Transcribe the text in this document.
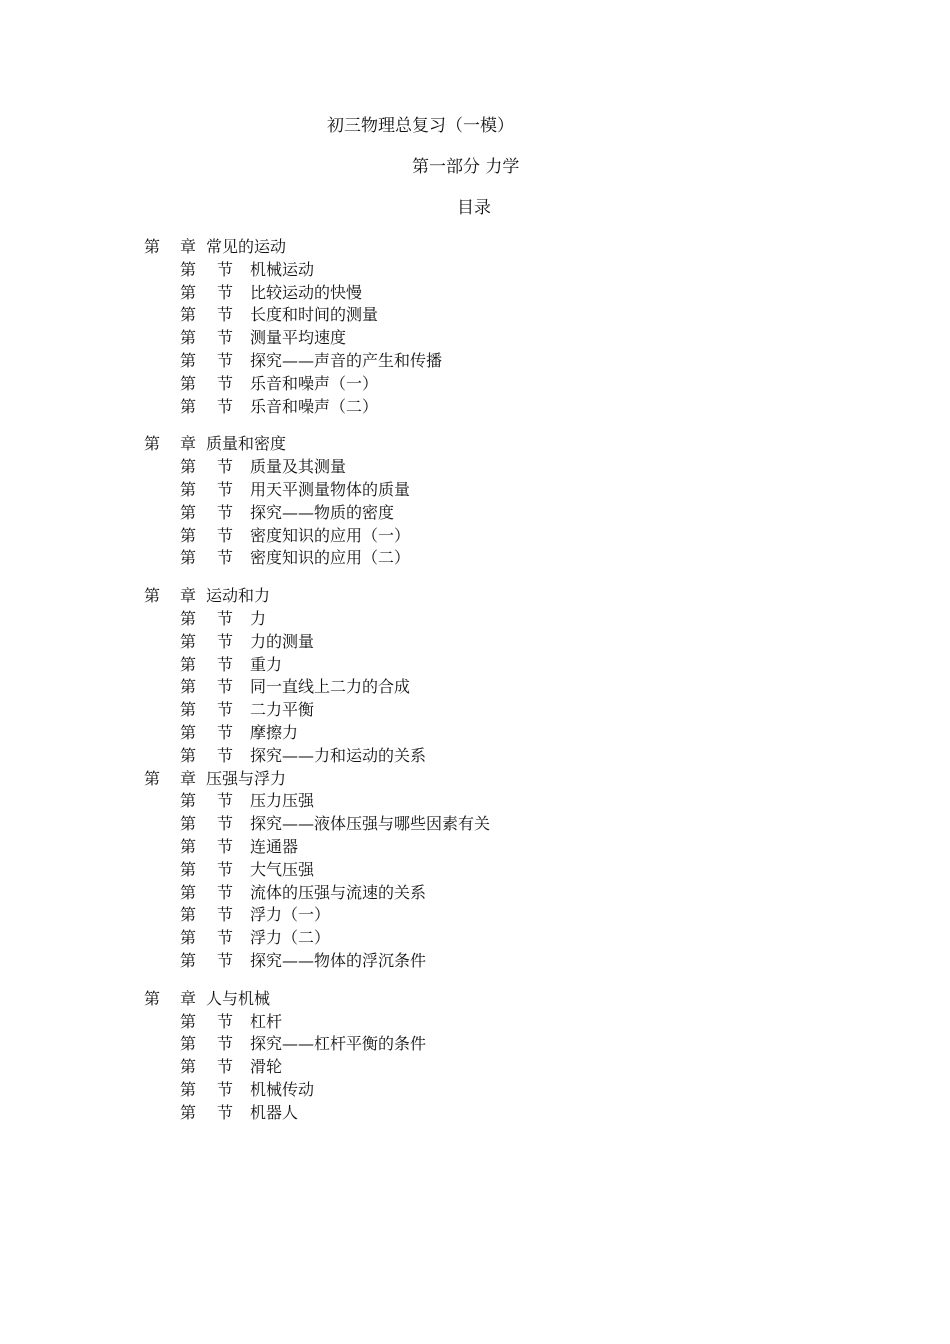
初三物理总复习（一模）
第一部分 力学
目录
第 章 常见的运动
第 节 机械运动
第 节 比较运动的快慢
第 节 长度和时间的测量
第 节 测量平均速度
第 节 探究——声音的产生和传播
第 节 乐音和噪声（一）
第 节 乐音和噪声（二）
第 章 质量和密度
第 节 质量及其测量
第 节 用天平测量物体的质量
第 节 探究——物质的密度
第 节 密度知识的应用（一）
第 节 密度知识的应用（二）
第 章 运动和力
第 节 力
第 节 力的测量
第 节 重力
第 节 同一直线上二力的合成
第 节 二力平衡
第 节 摩擦力
第 节 探究——力和运动的关系
第 章 压强与浮力
第 节 压力压强
第 节 探究——液体压强与哪些因素有关
第 节 连通器
第 节 大气压强
第 节 流体的压强与流速的关系
第 节 浮力（一）
第 节 浮力（二）
第 节 探究——物体的浮沉条件
第 章 人与机械
第 节 杠杆
第 节 探究——杠杆平衡的条件
第 节 滑轮
第 节 机械传动
第 节 机器人
